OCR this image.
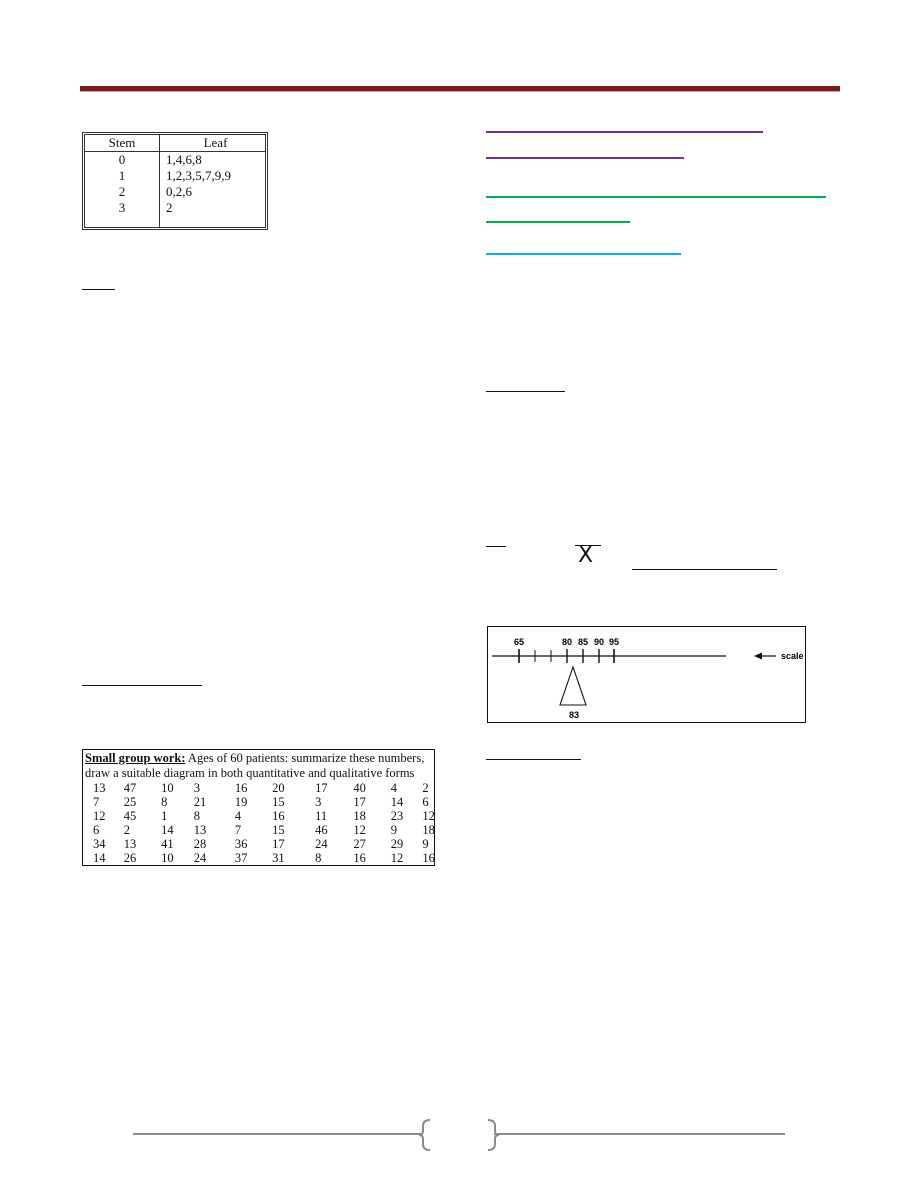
Stem	Leaf
0	1,4,6,8
1	1,2,3,5,7,9,9
2	0,2,6
3	2

Small group work: Ages of 60 patients: summarize these numbers,
draw a suitable diagram in both quantitative and qualitative forms
13	47	10	3	16	20	17	40	4	2
7	25	8	21	19	15	3	17	14	6
12	45	1	8	4	16	11	18	23	12
6	2	14	13	7	15	46	12	9	18
34	13	41	28	36	17	24	27	29	9
14	26	10	24	37	31	8	16	12	16
X
65	80 85 90 95
83
scale
